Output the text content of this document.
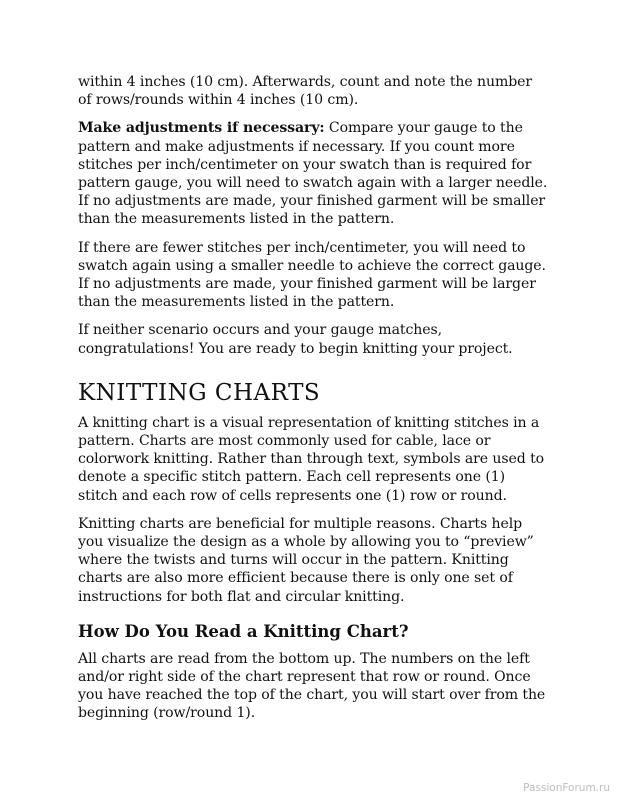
within 4 inches (10 cm). Afterwards, count and note the number of rows/rounds within 4 inches (10 cm).

Make adjustments if necessary: Compare your gauge to the pattern and make adjustments if necessary. If you count more stitches per inch/centimeter on your swatch than is required for pattern gauge, you will need to swatch again with a larger needle. If no adjustments are made, your finished garment will be smaller than the measurements listed in the pattern.

If there are fewer stitches per inch/centimeter, you will need to swatch again using a smaller needle to achieve the correct gauge. If no adjustments are made, your finished garment will be larger than the measurements listed in the pattern.

If neither scenario occurs and your gauge matches, congratulations! You are ready to begin knitting your project.

KNITTING CHARTS

A knitting chart is a visual representation of knitting stitches in a pattern. Charts are most commonly used for cable, lace or colorwork knitting. Rather than through text, symbols are used to denote a specific stitch pattern. Each cell represents one (1) stitch and each row of cells represents one (1) row or round.

Knitting charts are beneficial for multiple reasons. Charts help you visualize the design as a whole by allowing you to “preview” where the twists and turns will occur in the pattern. Knitting charts are also more efficient because there is only one set of instructions for both flat and circular knitting.

How Do You Read a Knitting Chart?

All charts are read from the bottom up. The numbers on the left and/or right side of the chart represent that row or round. Once you have reached the top of the chart, you will start over from the beginning (row/round 1).

PassionForum.ru
